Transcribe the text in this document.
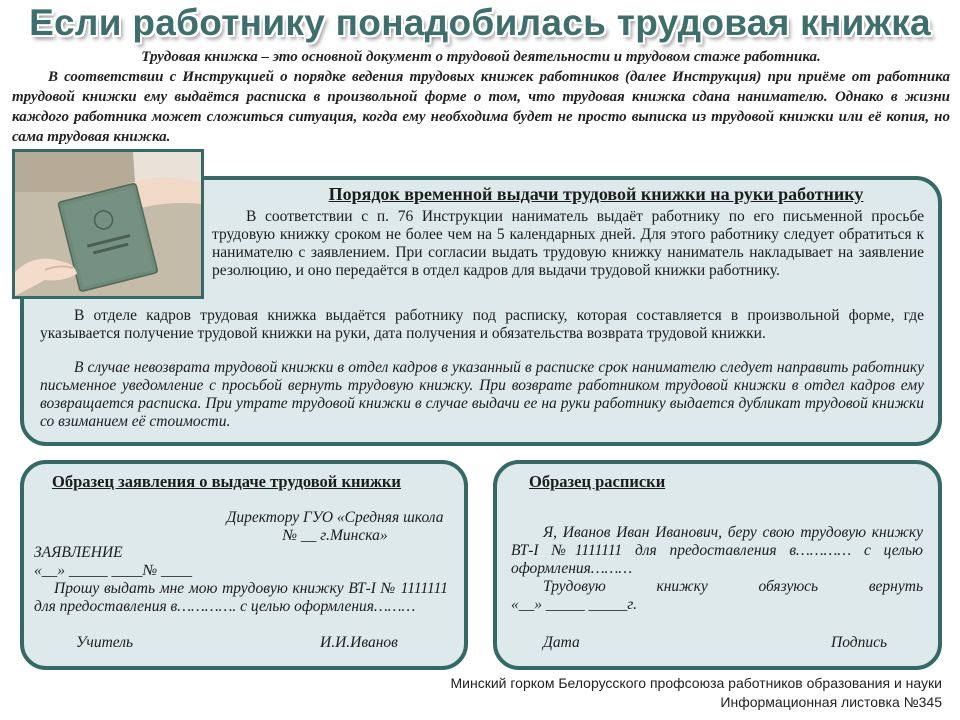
Если работнику понадобилась трудовая книжка

Трудовая книжка – это основной документ о трудовой деятельности и трудовом стаже работника.

В соответствии с Инструкцией о порядке ведения трудовых книжек работников (далее Инструкция) при приёме от работника трудовой книжки ему выдаётся расписка в произвольной форме о том, что трудовая книжка сдана нанимателю. Однако в жизни каждого работника может сложиться ситуация, когда ему необходима будет не просто выписка из трудовой книжки или её копия, но сама трудовая книжка.

Порядок временной выдачи трудовой книжки на руки работнику

В соответствии с п. 76 Инструкции наниматель выдаёт работнику по его письменной просьбе трудовую книжку сроком не более чем на 5 календарных дней. Для этого работнику следует обратиться к нанимателю с заявлением. При согласии выдать трудовую книжку наниматель накладывает на заявление резолюцию, и оно передаётся в отдел кадров для выдачи трудовой книжки работнику.

В отделе кадров трудовая книжка выдаётся работнику под расписку, которая составляется в произвольной форме, где указывается получение трудовой книжки на руки, дата получения и обязательства возврата трудовой книжки.

В случае невозврата трудовой книжки в отдел кадров в указанный в расписке срок нанимателю следует направить работнику письменное уведомление с просьбой вернуть трудовую книжку. При возврате работником трудовой книжки в отдел кадров ему возвращается расписка. При утрате трудовой книжки в случае выдачи ее на руки работнику выдается дубликат трудовой книжки со взиманием её стоимости.

Образец заявления о выдаче трудовой книжки
Директору ГУО «Средняя школа № __ г.Минска»
ЗАЯВЛЕНИЕ
«__» _____ ____№ ____
Прошу выдать мне мою трудовую книжку ВТ-I № 1111111 для предоставления в…………. с целью оформления………
Учитель	И.И.Иванов
Образец расписки

Я, Иванов Иван Иванович, беру свою трудовую книжку ВТ-I №1111111 для предоставления в………… с целью оформления………

Трудовую книжку обязуюсь вернуть

«__» _____ _____г.

Дата	Подпись
Минский горком Белорусского профсоюза работников образования и науки
Информационная листовка №345
